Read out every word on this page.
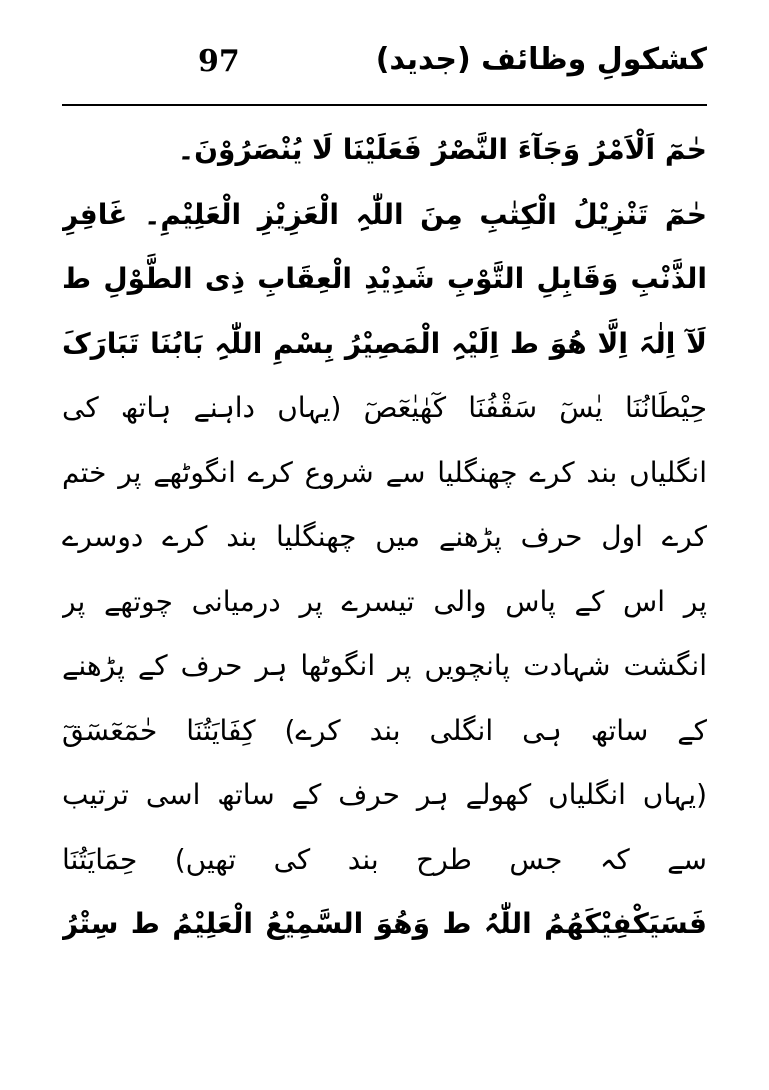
97	کشکولِ وظائف (جدید)
حٰمٓ اَلْاَمْرُ وَجَآءَ النَّصْرُ فَعَلَیْنَا لَا یُنْصَرُوْنَ۔
حٰمٓ تَنْزِیْلُ الْکِتٰبِ مِنَ اللّٰہِ الْعَزِیْزِ الْعَلِیْمِ۔ غَافِرِ
الذَّنْبِ وَقَابِلِ التَّوْبِ شَدِیْدِ الْعِقَابِ ذِی الطَّوْلِ ط
لَآ اِلٰہَ اِلَّا ھُوَ ط اِلَیْہِ الْمَصِیْرُ بِسْمِ اللّٰہِ بَابُنَا تَبَارَکَ
حِیْطَانُنَا یٰسٓ سَقْفُنَا کٓھٰیٰعٓصٓ (یہاں داہنے ہاتھ کی
انگلیاں بند کرے چھنگلیا سے شروع کرے انگوٹھے پر ختم
کرے اول حرف پڑھنے میں چھنگلیا بند کرے دوسرے
پر اس کے پاس والی تیسرے پر درمیانی چوتھے پر
انگشت شہادت پانچویں پر انگوٹھا ہر حرف کے پڑھنے
کے ساتھ ہی انگلی بند کرے) کِفَایَتُنَا حٰمٓعٓسٓقٓ
(یہاں انگلیاں کھولے ہر حرف کے ساتھ اسی ترتیب
سے کہ جس طرح بند کی تھیں) حِمَایَتُنَا
فَسَیَکْفِیْکَھُمُ اللّٰہُ ط وَھُوَ السَّمِیْعُ الْعَلِیْمُ ط سِتْرُ
